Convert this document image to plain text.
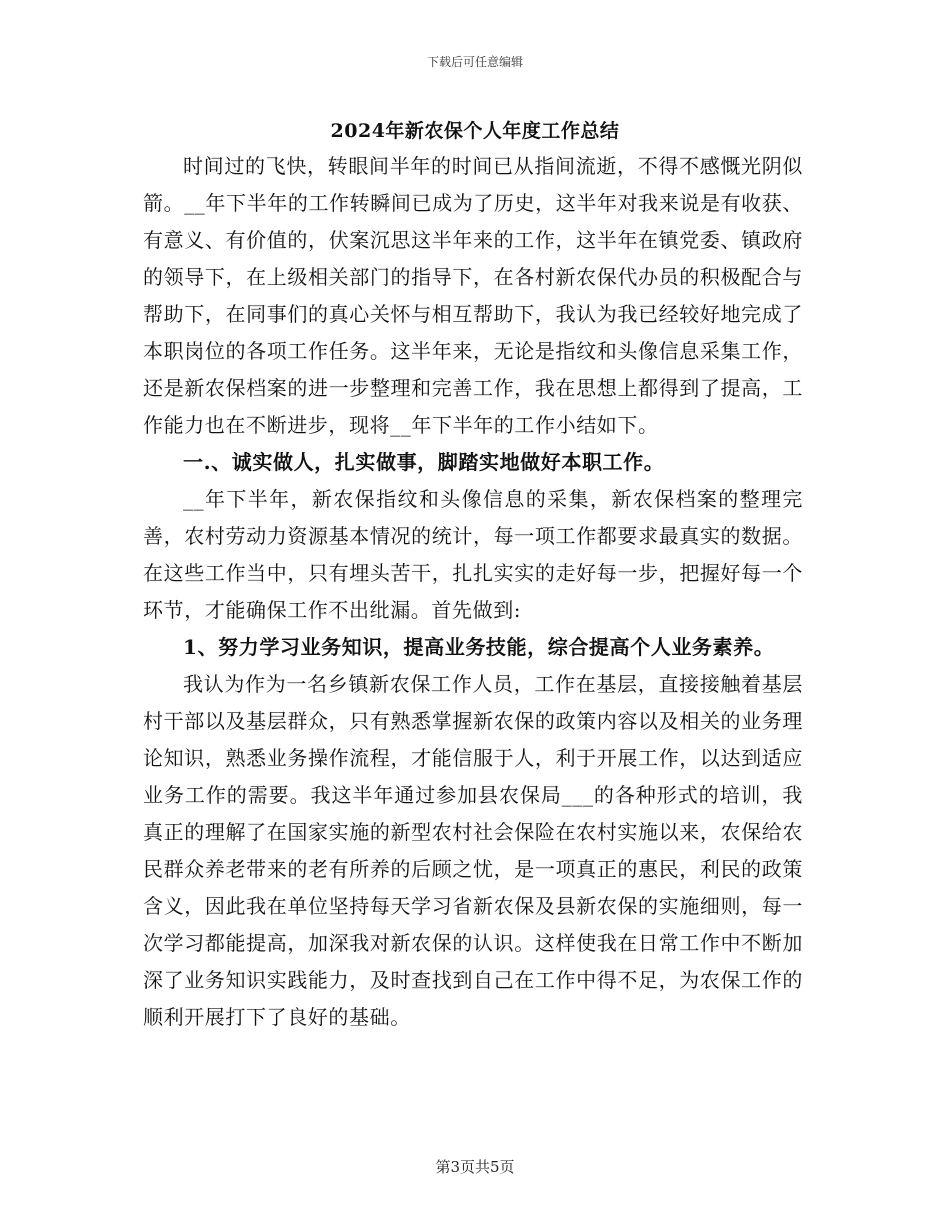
下载后可任意编辑
2024年新农保个人年度工作总结

时间过的飞快，转眼间半年的时间已从指间流逝，不得不感慨光阴似箭。__年下半年的工作转瞬间已成为了历史，这半年对我来说是有收获、有意义、有价值的，伏案沉思这半年来的工作，这半年在镇党委、镇政府的领导下，在上级相关部门的指导下，在各村新农保代办员的积极配合与帮助下，在同事们的真心关怀与相互帮助下，我认为我已经较好地完成了本职岗位的各项工作任务。这半年来，无论是指纹和头像信息采集工作，还是新农保档案的进一步整理和完善工作，我在思想上都得到了提高，工作能力也在不断进步，现将__年下半年的工作小结如下。

一.、诚实做人，扎实做事，脚踏实地做好本职工作。

__年下半年，新农保指纹和头像信息的采集，新农保档案的整理完善，农村劳动力资源基本情况的统计，每一项工作都要求最真实的数据。在这些工作当中，只有埋头苦干，扎扎实实的走好每一步，把握好每一个环节，才能确保工作不出纰漏。首先做到:

1、努力学习业务知识，提高业务技能，综合提高个人业务素养。

我认为作为一名乡镇新农保工作人员，工作在基层，直接接触着基层村干部以及基层群众，只有熟悉掌握新农保的政策内容以及相关的业务理论知识，熟悉业务操作流程，才能信服于人，利于开展工作，以达到适应业务工作的需要。我这半年通过参加县农保局___的各种形式的培训，我真正的理解了在国家实施的新型农村社会保险在农村实施以来，农保给农民群众养老带来的老有所养的后顾之忧，是一项真正的惠民，利民的政策含义，因此我在单位坚持每天学习省新农保及县新农保的实施细则，每一次学习都能提高，加深我对新农保的认识。这样使我在日常工作中不断加深了业务知识实践能力，及时查找到自己在工作中得不足，为农保工作的顺利开展打下了良好的基础。

第3页共5页
